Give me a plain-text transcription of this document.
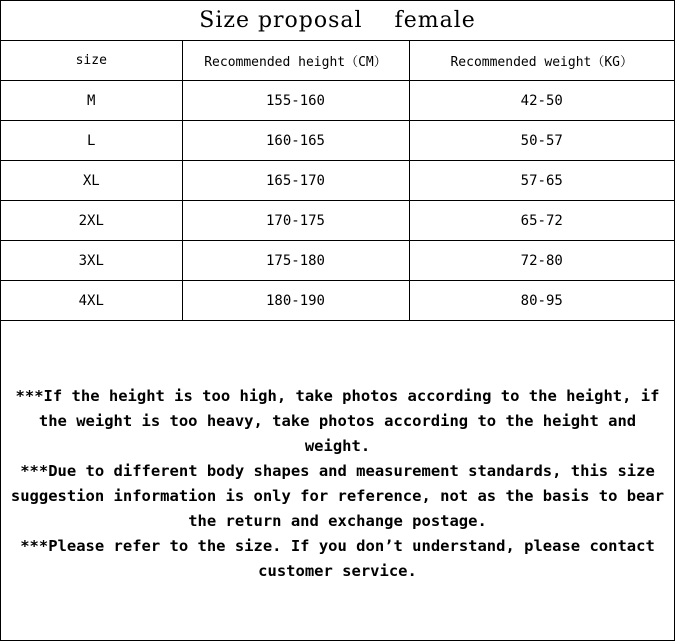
Size proposal    female
size	Recommended height（CM）	Recommended weight（KG）
M	155-160	42-50
L	160-165	50-57
XL	165-170	57-65
2XL	170-175	65-72
3XL	175-180	72-80
4XL	180-190	80-95

***If the height is too high, take photos according to the height, if the weight is too heavy, take photos according to the height and weight.

***Due to different body shapes and measurement standards, this size suggestion information is only for reference, not as the basis to bear the return and exchange postage.

***Please refer to the size. If you don’t understand, please contact customer service.
